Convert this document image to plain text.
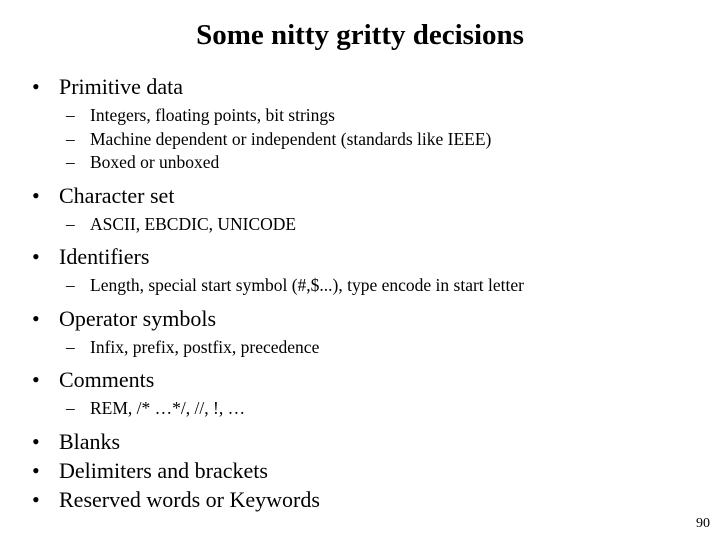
Some nitty gritty decisions
• Primitive data
– Integers, floating points, bit strings
– Machine dependent or independent (standards like IEEE)
– Boxed or unboxed
• Character set
– ASCII, EBCDIC, UNICODE
• Identifiers
– Length, special start symbol (#,$...), type encode in start letter
• Operator symbols
– Infix, prefix, postfix, precedence
• Comments
– REM, /* …*/, //, !, …
• Blanks
• Delimiters and brackets
• Reserved words or Keywords
90
